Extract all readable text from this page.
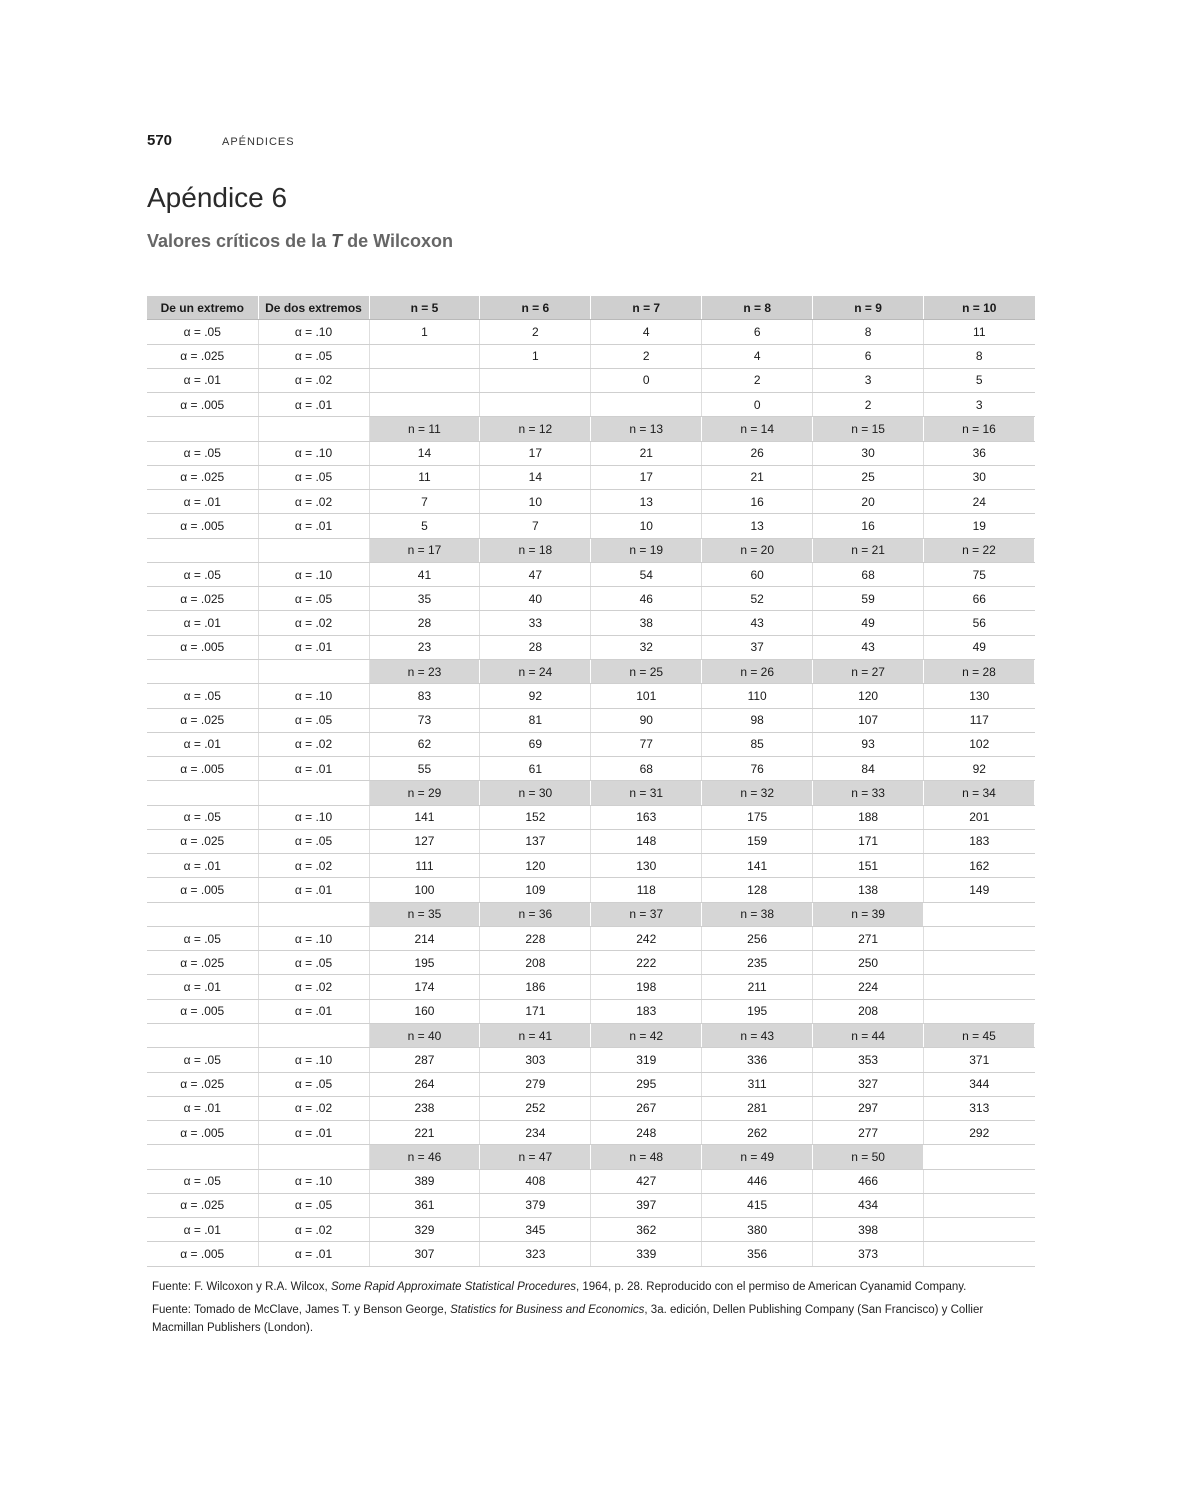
570	APÉNDICES
Apéndice 6
Valores críticos de la T de Wilcoxon
De un extremo	De dos extremos	n = 5	n = 6	n = 7	n = 8	n = 9	n = 10
α = .05	α = .10	1	2	4	6	8	11
α = .025	α = .05		1	2	4	6	8
α = .01	α = .02			0	2	3	5
α = .005	α = .01				0	2	3
		n = 11	n = 12	n = 13	n = 14	n = 15	n = 16
α = .05	α = .10	14	17	21	26	30	36
α = .025	α = .05	11	14	17	21	25	30
α = .01	α = .02	7	10	13	16	20	24
α = .005	α = .01	5	7	10	13	16	19
		n = 17	n = 18	n = 19	n = 20	n = 21	n = 22
α = .05	α = .10	41	47	54	60	68	75
α = .025	α = .05	35	40	46	52	59	66
α = .01	α = .02	28	33	38	43	49	56
α = .005	α = .01	23	28	32	37	43	49
		n = 23	n = 24	n = 25	n = 26	n = 27	n = 28
α = .05	α = .10	83	92	101	110	120	130
α = .025	α = .05	73	81	90	98	107	117
α = .01	α = .02	62	69	77	85	93	102
α = .005	α = .01	55	61	68	76	84	92
		n = 29	n = 30	n = 31	n = 32	n = 33	n = 34
α = .05	α = .10	141	152	163	175	188	201
α = .025	α = .05	127	137	148	159	171	183
α = .01	α = .02	111	120	130	141	151	162
α = .005	α = .01	100	109	118	128	138	149
		n = 35	n = 36	n = 37	n = 38	n = 39	
α = .05	α = .10	214	228	242	256	271	
α = .025	α = .05	195	208	222	235	250	
α = .01	α = .02	174	186	198	211	224	
α = .005	α = .01	160	171	183	195	208	
		n = 40	n = 41	n = 42	n = 43	n = 44	n = 45
α = .05	α = .10	287	303	319	336	353	371
α = .025	α = .05	264	279	295	311	327	344
α = .01	α = .02	238	252	267	281	297	313
α = .005	α = .01	221	234	248	262	277	292
		n = 46	n = 47	n = 48	n = 49	n = 50	
α = .05	α = .10	389	408	427	446	466	
α = .025	α = .05	361	379	397	415	434	
α = .01	α = .02	329	345	362	380	398	
α = .005	α = .01	307	323	339	356	373	

Fuente: F. Wilcoxon y R.A. Wilcox, Some Rapid Approximate Statistical Procedures, 1964, p. 28. Reproducido con el permiso de American Cyanamid Company.

Fuente: Tomado de McClave, James T. y Benson George, Statistics for Business and Economics, 3a. edición, Dellen Publishing Company (San Francisco) y Collier Macmillan Publishers (London).
